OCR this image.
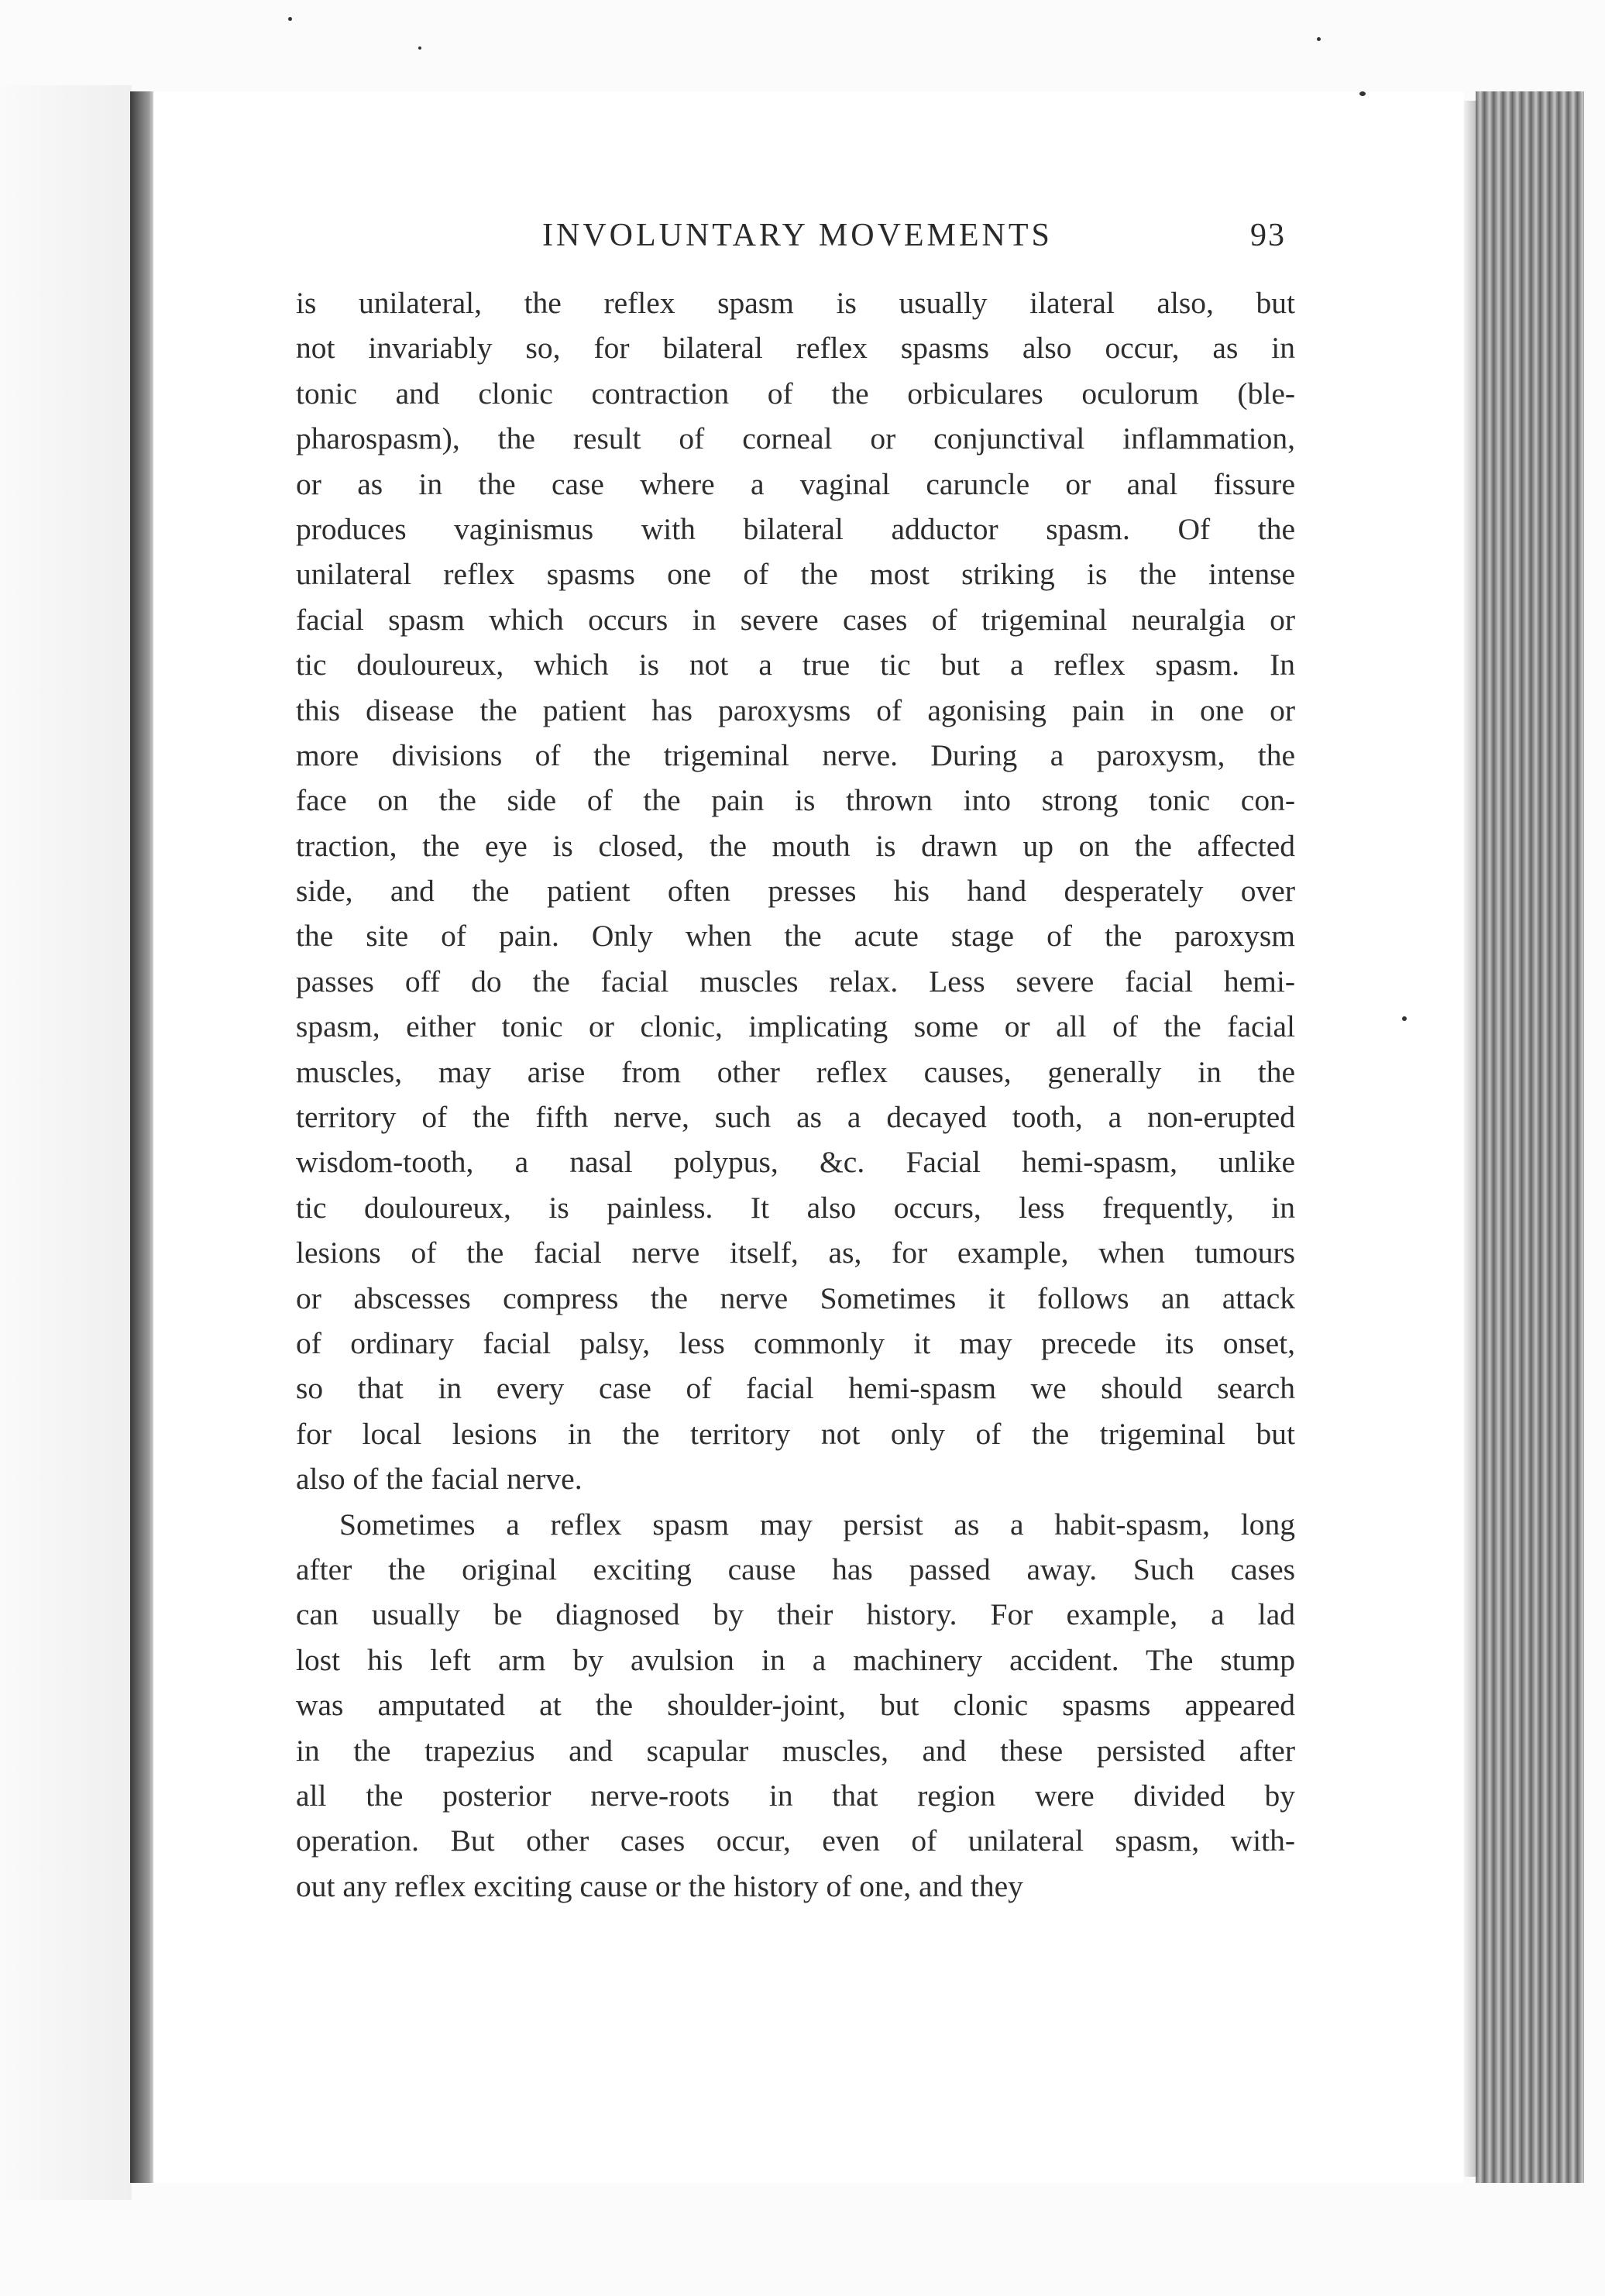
INVOLUNTARY MOVEMENTS	93
is unilateral, the reflex spasm is usually ilateral also, but
not invariably so, for bilateral reflex spasms also occur, as in
tonic and clonic contraction of the orbiculares oculorum (ble-
pharospasm), the result of corneal or conjunctival inflammation,
or as in the case where a vaginal caruncle or anal fissure
produces vaginismus with bilateral adductor spasm. Of the
unilateral reflex spasms one of the most striking is the intense
facial spasm which occurs in severe cases of trigeminal neuralgia or
tic douloureux, which is not a true tic but a reflex spasm. In
this disease the patient has paroxysms of agonising pain in one or
more divisions of the trigeminal nerve. During a paroxysm, the
face on the side of the pain is thrown into strong tonic con-
traction, the eye is closed, the mouth is drawn up on the affected
side, and the patient often presses his hand desperately over
the site of pain. Only when the acute stage of the paroxysm
passes off do the facial muscles relax. Less severe facial hemi-
spasm, either tonic or clonic, implicating some or all of the facial
muscles, may arise from other reflex causes, generally in the
territory of the fifth nerve, such as a decayed tooth, a non-erupted
wisdom-tooth, a nasal polypus, &c. Facial hemi-spasm, unlike
tic douloureux, is painless. It also occurs, less frequently, in
lesions of the facial nerve itself, as, for example, when tumours
or abscesses compress the nerve Sometimes it follows an attack
of ordinary facial palsy, less commonly it may precede its onset,
so that in every case of facial hemi-spasm we should search
for local lesions in the territory not only of the trigeminal but
also of the facial nerve.
Sometimes a reflex spasm may persist as a habit-spasm, long
after the original exciting cause has passed away. Such cases
can usually be diagnosed by their history. For example, a lad
lost his left arm by avulsion in a machinery accident. The stump
was amputated at the shoulder-joint, but clonic spasms appeared
in the trapezius and scapular muscles, and these persisted after
all the posterior nerve-roots in that region were divided by
operation. But other cases occur, even of unilateral spasm, with-
out any reflex exciting cause or the history of one, and they
